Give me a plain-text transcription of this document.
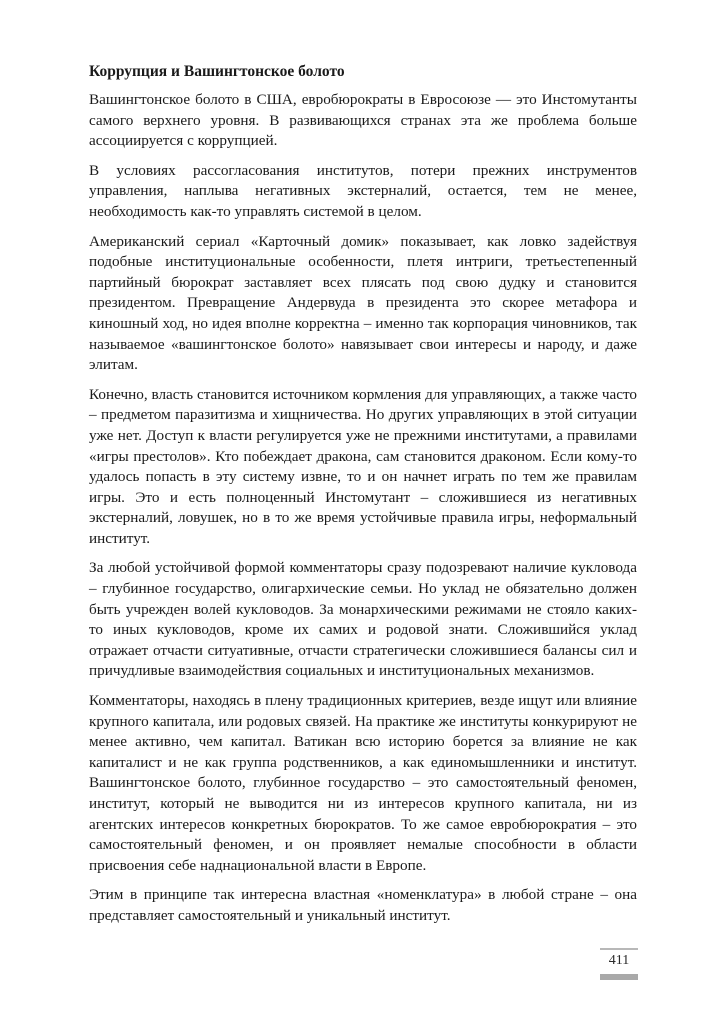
Коррупция и Вашингтонское болото

Вашингтонское болото в США, евробюрократы в Евросоюзе — это Инстомутанты самого верхнего уровня. В развивающихся странах эта же проблема больше ассоциируется с коррупцией.

В условиях рассогласования институтов, потери прежних инструментов управления, наплыва негативных экстерналий, остается, тем не менее, необходимость как-то управлять системой в целом.

Американский сериал «Карточный домик» показывает, как ловко задействуя подобные институциональные особенности, плетя интриги, третьестепенный партийный бюрократ заставляет всех плясать под свою дудку и становится президентом. Превращение Андервуда в президента это скорее метафора и киношный ход, но идея вполне корректна – именно так корпорация чиновников, так называемое «вашингтонское болото» навязывает свои интересы и народу, и даже элитам.

Конечно, власть становится источником кормления для управляющих, а также часто – предметом паразитизма и хищничества. Но других управляющих в этой ситуации уже нет. Доступ к власти регулируется уже не прежними институтами, а правилами «игры престолов». Кто побеждает дракона, сам становится драконом. Если кому-то удалось попасть в эту систему извне, то и он начнет играть по тем же правилам игры. Это и есть полноценный Инстомутант – сложившиеся из негативных экстерналий, ловушек, но в то же время устойчивые правила игры, неформальный институт.

За любой устойчивой формой комментаторы сразу подозревают наличие кукловода – глубинное государство, олигархические семьи. Но уклад не обязательно должен быть учрежден волей кукловодов. За монархическими режимами не стояло каких-то иных кукловодов, кроме их самих и родовой знати. Сложившийся уклад отражает отчасти ситуативные, отчасти стратегически сложившиеся балансы сил и причудливые взаимодействия социальных и институциональных механизмов.

Комментаторы, находясь в плену традиционных критериев, везде ищут или влияние крупного капитала, или родовых связей. На практике же институты конкурируют не менее активно, чем капитал. Ватикан всю историю борется за влияние не как капиталист и не как группа родственников, а как единомышленники и институт. Вашингтонское болото, глубинное государство – это самостоятельный феномен, институт, который не выводится ни из интересов крупного капитала, ни из агентских интересов конкретных бюрократов. То же самое евробюрократия – это самостоятельный феномен, и он проявляет немалые способности в области присвоения себе наднациональной власти в Европе.

Этим в принципе так интересна властная «номенклатура» в любой стране – она представляет самостоятельный и уникальный институт.

411
